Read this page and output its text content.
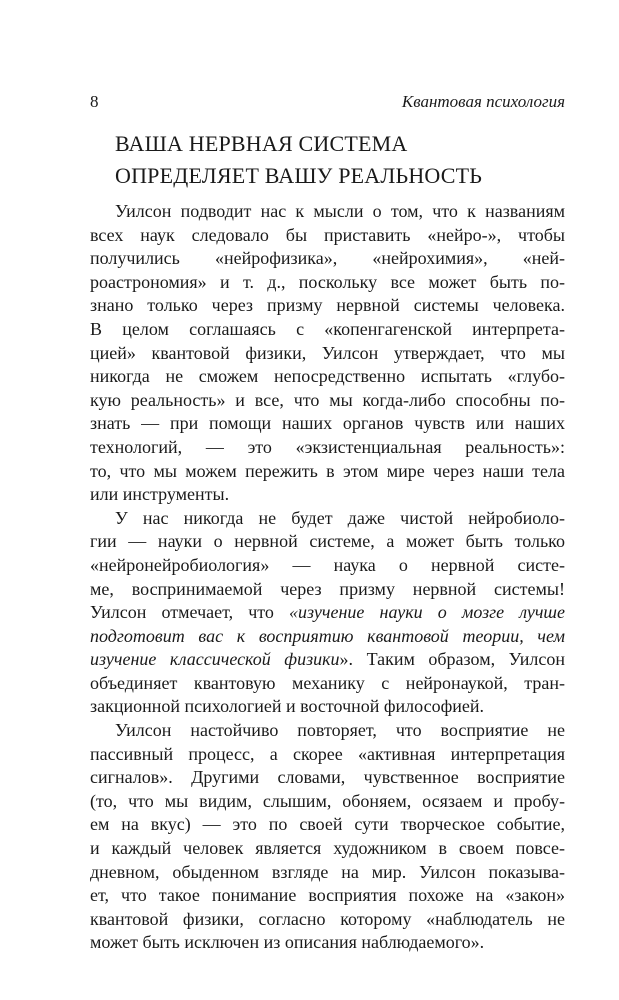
8	Квантовая психология
ВАША НЕРВНАЯ СИСТЕМА
ОПРЕДЕЛЯЕТ ВАШУ РЕАЛЬНОСТЬ
Уилсон подводит нас к мысли о том, что к названиям
всех наук следовало бы приставить «нейро-», чтобы
получились «нейрофизика», «нейрохимия», «ней-
роастрономия» и т. д., поскольку все может быть по-
знано только через призму нервной системы человека.
В целом соглашаясь с «копенгагенской интерпрета-
цией» квантовой физики, Уилсон утверждает, что мы
никогда не сможем непосредственно испытать «глубо-
кую реальность» и все, что мы когда-либо способны по-
знать — при помощи наших органов чувств или наших
технологий, — это «экзистенциальная реальность»:
то, что мы можем пережить в этом мире через наши тела
или инструменты.
У нас никогда не будет даже чистой нейробиоло-
гии — науки о нервной системе, а может быть только
«нейронейробиология» — наука о нервной систе-
ме, воспринимаемой через призму нервной системы!
Уилсон отмечает, что «изучение науки о мозге лучше
подготовит вас к восприятию квантовой теории, чем
изучение классической физики». Таким образом, Уилсон
объединяет квантовую механику с нейронаукой, тран-
закционной психологией и восточной философией.
Уилсон настойчиво повторяет, что восприятие не
пассивный процесс, а скорее «активная интерпретация
сигналов». Другими словами, чувственное восприятие
(то, что мы видим, слышим, обоняем, осязаем и пробу-
ем на вкус) — это по своей сути творческое событие,
и каждый человек является художником в своем повсе-
дневном, обыденном взгляде на мир. Уилсон показыва-
ет, что такое понимание восприятия похоже на «закон»
квантовой физики, согласно которому «наблюдатель не
может быть исключен из описания наблюдаемого».
